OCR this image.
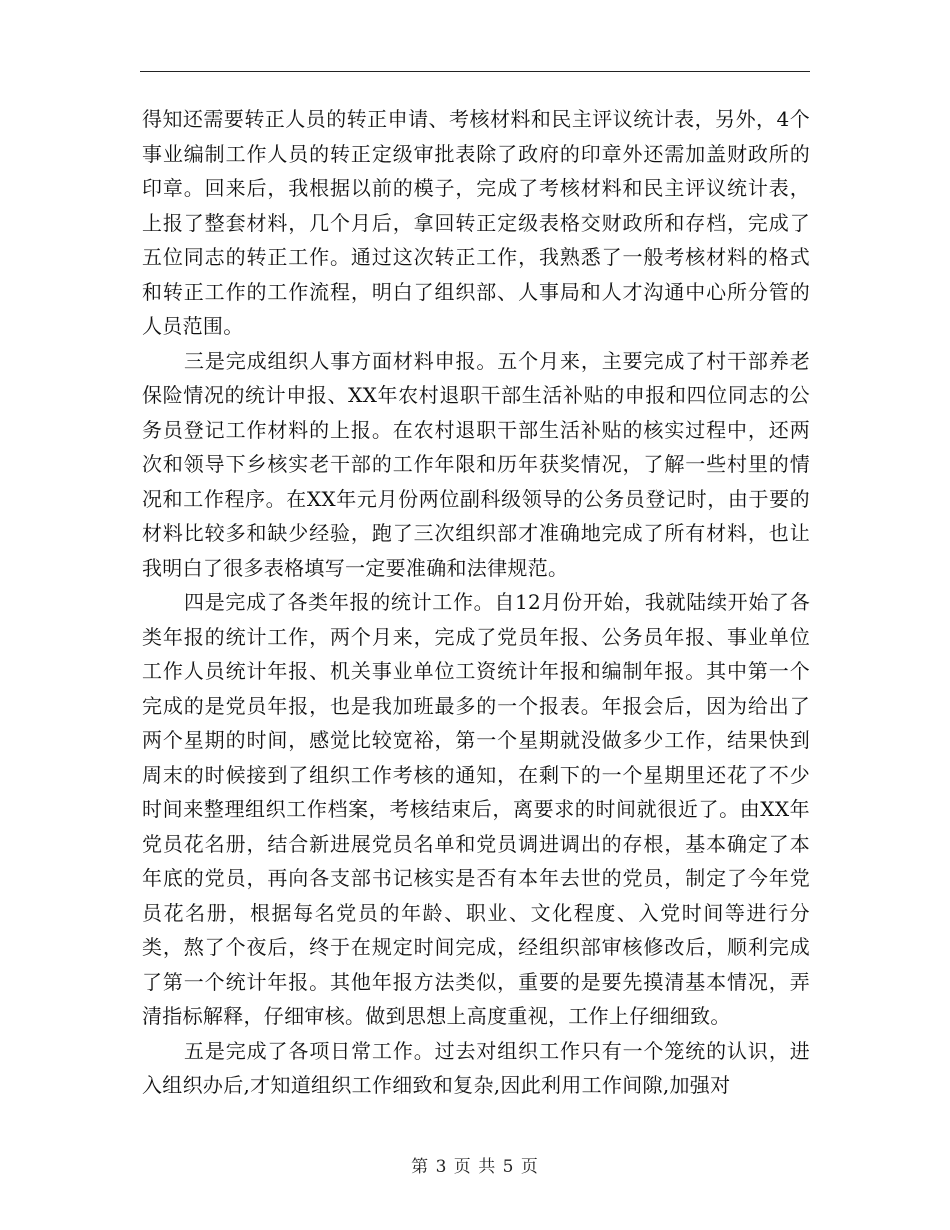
得知还需要转正人员的转正申请、考核材料和民主评议统计表，另外，4个事业编制工作人员的转正定级审批表除了政府的印章外还需加盖财政所的印章。回来后，我根据以前的模子，完成了考核材料和民主评议统计表，上报了整套材料，几个月后，拿回转正定级表格交财政所和存档，完成了五位同志的转正工作。通过这次转正工作，我熟悉了一般考核材料的格式和转正工作的工作流程，明白了组织部、人事局和人才沟通中心所分管的人员范围。

三是完成组织人事方面材料申报。五个月来，主要完成了村干部养老保险情况的统计申报、XX年农村退职干部生活补贴的申报和四位同志的公务员登记工作材料的上报。在农村退职干部生活补贴的核实过程中，还两次和领导下乡核实老干部的工作年限和历年获奖情况，了解一些村里的情况和工作程序。在XX年元月份两位副科级领导的公务员登记时，由于要的材料比较多和缺少经验，跑了三次组织部才准确地完成了所有材料，也让我明白了很多表格填写一定要准确和法律规范。

四是完成了各类年报的统计工作。自12月份开始，我就陆续开始了各类年报的统计工作，两个月来，完成了党员年报、公务员年报、事业单位工作人员统计年报、机关事业单位工资统计年报和编制年报。其中第一个完成的是党员年报，也是我加班最多的一个报表。年报会后，因为给出了两个星期的时间，感觉比较宽裕，第一个星期就没做多少工作，结果快到周末的时候接到了组织工作考核的通知，在剩下的一个星期里还花了不少时间来整理组织工作档案，考核结束后，离要求的时间就很近了。由XX年党员花名册，结合新进展党员名单和党员调进调出的存根，基本确定了本年底的党员，再向各支部书记核实是否有本年去世的党员，制定了今年党员花名册，根据每名党员的年龄、职业、文化程度、入党时间等进行分类，熬了个夜后，终于在规定时间完成，经组织部审核修改后，顺利完成了第一个统计年报。其他年报方法类似，重要的是要先摸清基本情况，弄清指标解释，仔细审核。做到思想上高度重视，工作上仔细细致。

五是完成了各项日常工作。过去对组织工作只有一个笼统的认识，进入组织办后,才知道组织工作细致和复杂,因此利用工作间隙,加强对

第 3 页 共 5 页
